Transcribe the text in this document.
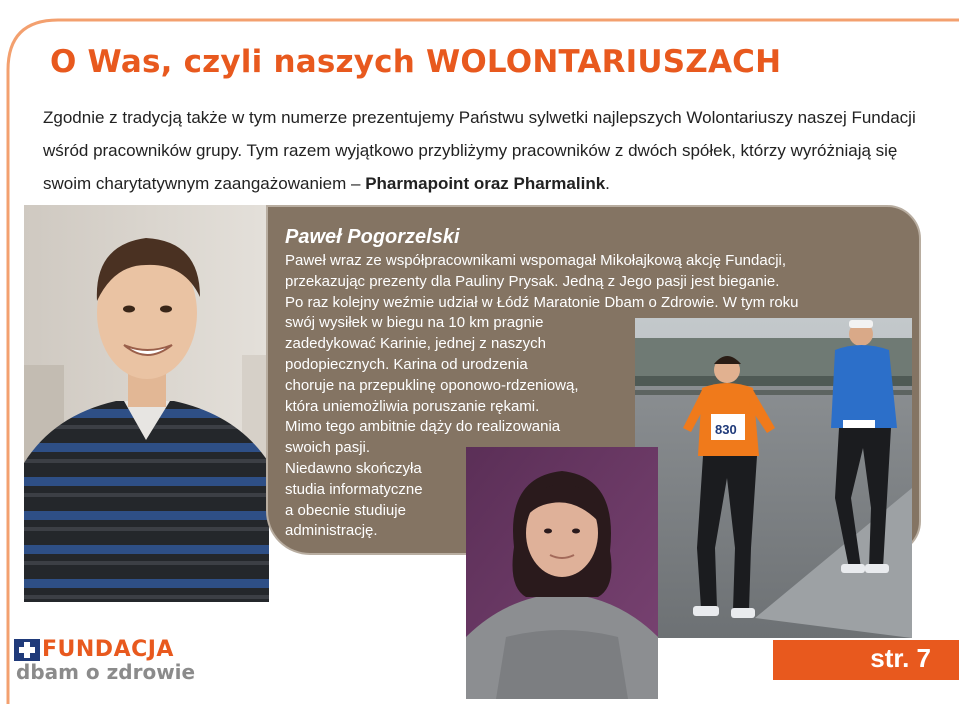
O Was, czyli naszych WOLONTARIUSZACH
Zgodnie z tradycją także w tym numerze prezentujemy Państwu sylwetki najlepszych Wolontariuszy naszej Fundacji wśród pracowników grupy. Tym razem wyjątkowo przybliżymy pracowników z dwóch spółek, którzy wyróżniają się swoim charytatywnym zaangażowaniem – Pharmapoint oraz Pharmalink.
Paweł Pogorzelski
Paweł wraz ze współpracownikami wspomagał Mikołajkową akcję Fundacji,
przekazując prezenty dla Pauliny Prysak. Jedną z Jego pasji jest bieganie.
Po raz kolejny weźmie udział w Łódź Maratonie Dbam o Zdrowie. W tym roku
swój wysiłek w biegu na 10 km pragnie
zadedykować Karinie, jednej z naszych
podopiecznych. Karina od urodzenia
choruje na przepuklinę oponowo-rdzeniową,
która uniemożliwia poruszanie rękami.
Mimo tego ambitnie dąży do realizowania
swoich pasji.
Niedawno skończyła
studia informatyczne
a obecnie studiuje
administrację.
830
FUNDACJA
dbam o zdrowie	str. 7
